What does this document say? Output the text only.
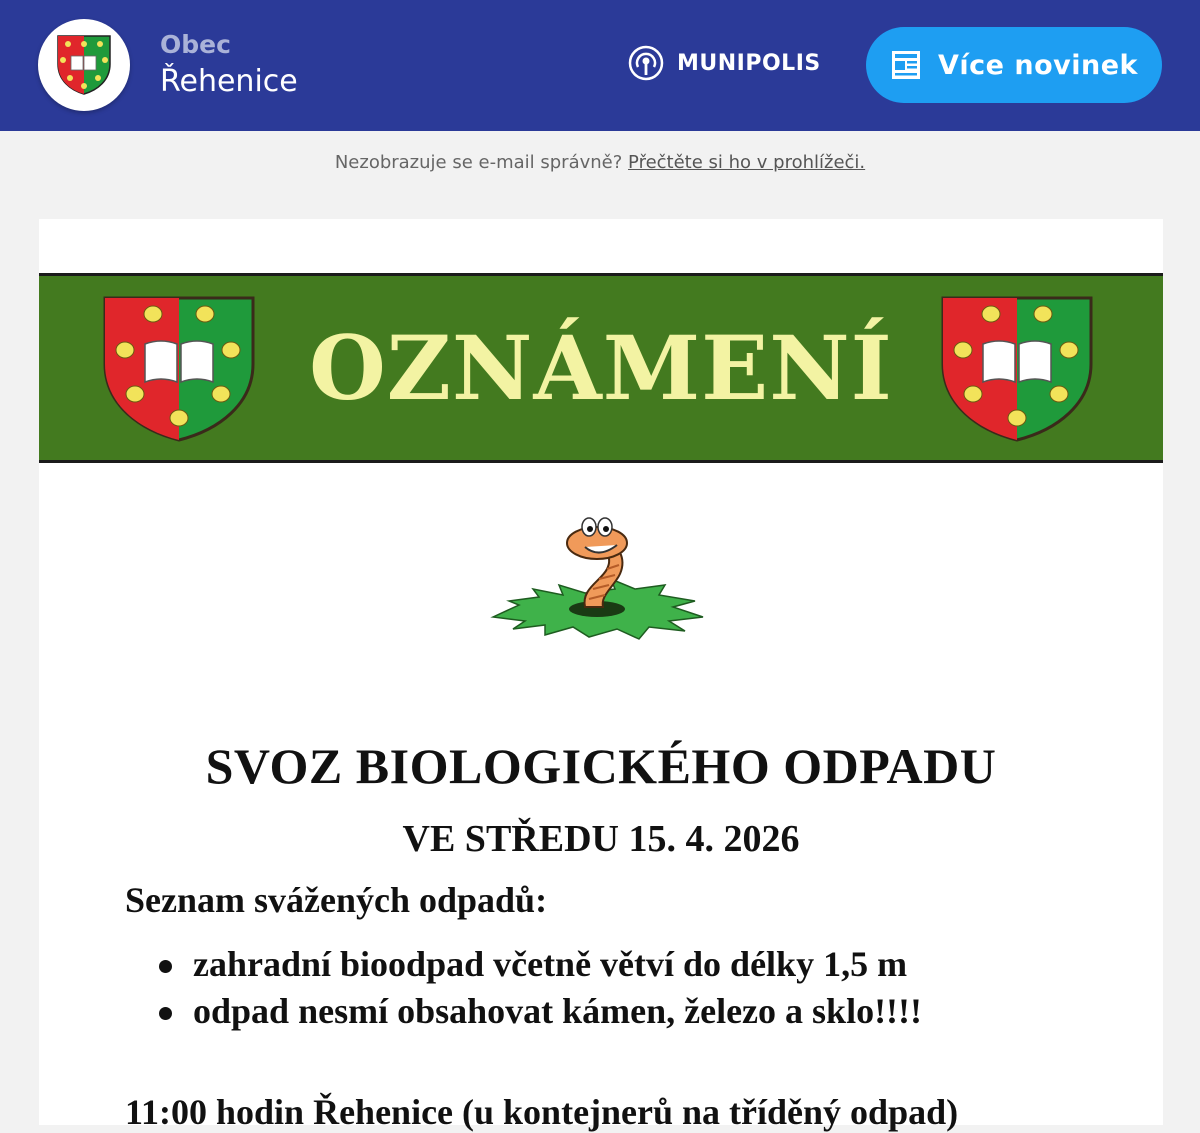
Obec
Řehenice
MUNIPOLIS	Více novinek
Nezobrazuje se e-mail správně? Přečtěte si ho v prohlížeči.
OZNÁMENÍ
SVOZ BIOLOGICKÉHO ODPADU
VE STŘEDU 15. 4. 2026
Seznam svážených odpadů:
zahradní bioodpad včetně větví do délky 1,5 m
odpad nesmí obsahovat kámen, železo a sklo!!!!
11:00 hodin Řehenice (u kontejnerů na tříděný odpad)
